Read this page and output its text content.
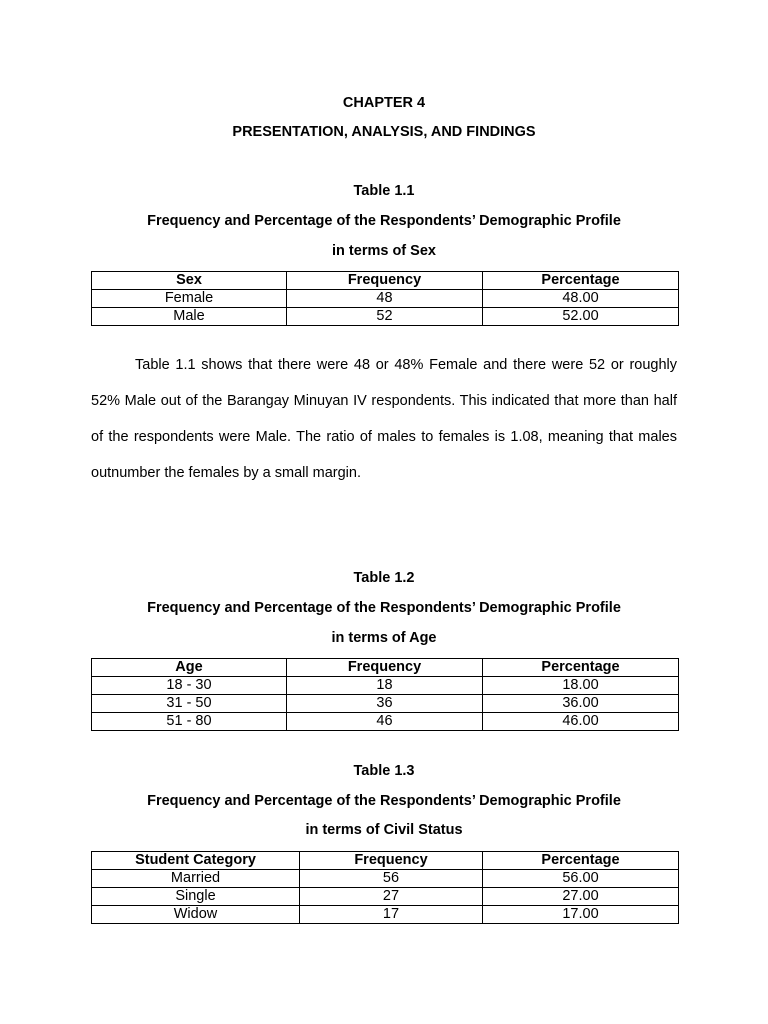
CHAPTER 4
PRESENTATION, ANALYSIS, AND FINDINGS
Table 1.1
Frequency and Percentage of the Respondents’ Demographic Profile
in terms of Sex
Sex	Frequency	Percentage
Female	48	48.00
Male	52	52.00

Table 1.1 shows that there were 48 or 48% Female and there were 52 or roughly 52% Male out of the Barangay Minuyan IV respondents. This indicated that more than half of the respondents were Male. The ratio of males to females is 1.08, meaning that males outnumber the females by a small margin.

Table 1.2
Frequency and Percentage of the Respondents’ Demographic Profile
in terms of Age
Age	Frequency	Percentage
18 - 30	18	18.00
31 - 50	36	36.00
51 - 80	46	46.00
Table 1.3
Frequency and Percentage of the Respondents’ Demographic Profile
in terms of Civil Status
Student Category	Frequency	Percentage
Married	56	56.00
Single	27	27.00
Widow	17	17.00
